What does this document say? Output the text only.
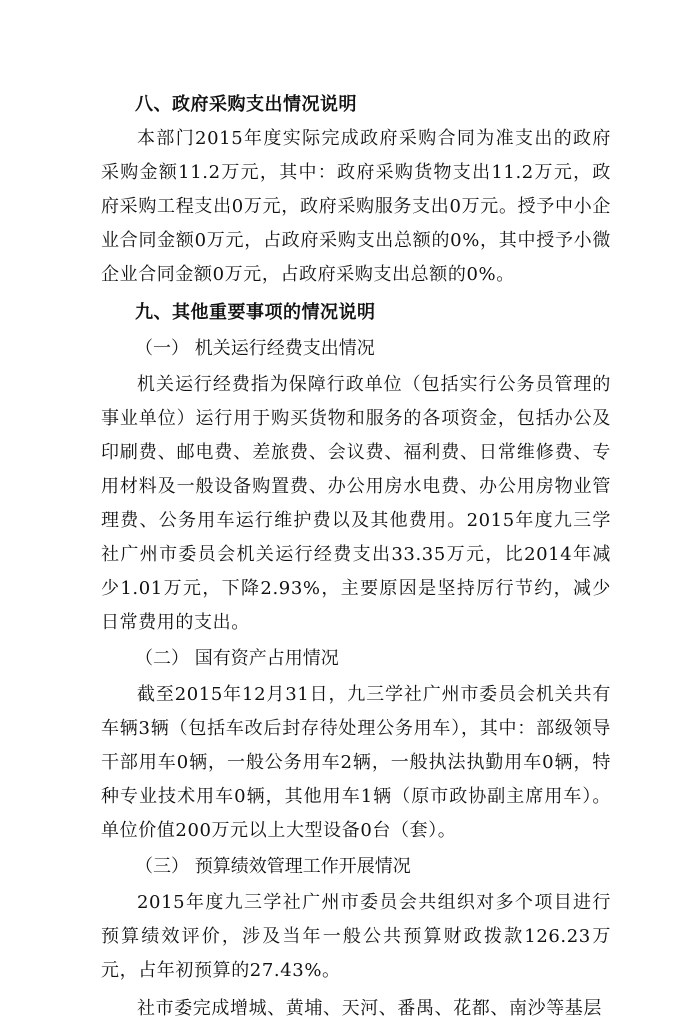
八、政府采购支出情况说明

本部门2015年度实际完成政府采购合同为准支出的政府采购金额11.2万元，其中：政府采购货物支出11.2万元，政府采购工程支出0万元，政府采购服务支出0万元。授予中小企业合同金额0万元，占政府采购支出总额的0%，其中授予小微企业合同金额0万元，占政府采购支出总额的0%。

九、其他重要事项的情况说明
（一） 机关运行经费支出情况

机关运行经费指为保障行政单位（包括实行公务员管理的事业单位）运行用于购买货物和服务的各项资金，包括办公及印刷费、邮电费、差旅费、会议费、福利费、日常维修费、专用材料及一般设备购置费、办公用房水电费、办公用房物业管理费、公务用车运行维护费以及其他费用。2015年度九三学社广州市委员会机关运行经费支出33.35万元，比2014年减少1.01万元，下降2.93%，主要原因是坚持厉行节约，减少日常费用的支出。

（二） 国有资产占用情况

截至2015年12月31日，九三学社广州市委员会机关共有车辆3辆（包括车改后封存待处理公务用车），其中：部级领导干部用车0辆，一般公务用车2辆，一般执法执勤用车0辆，特种专业技术用车0辆，其他用车1辆（原市政协副主席用车）。单位价值200万元以上大型设备0台（套）。

（三） 预算绩效管理工作开展情况

2015年度九三学社广州市委员会共组织对多个项目进行预算绩效评价，涉及当年一般公共预算财政拨款126.23万元，占年初预算的27.43%。

社市委完成增城、黄埔、天河、番禺、花都、南沙等基层
